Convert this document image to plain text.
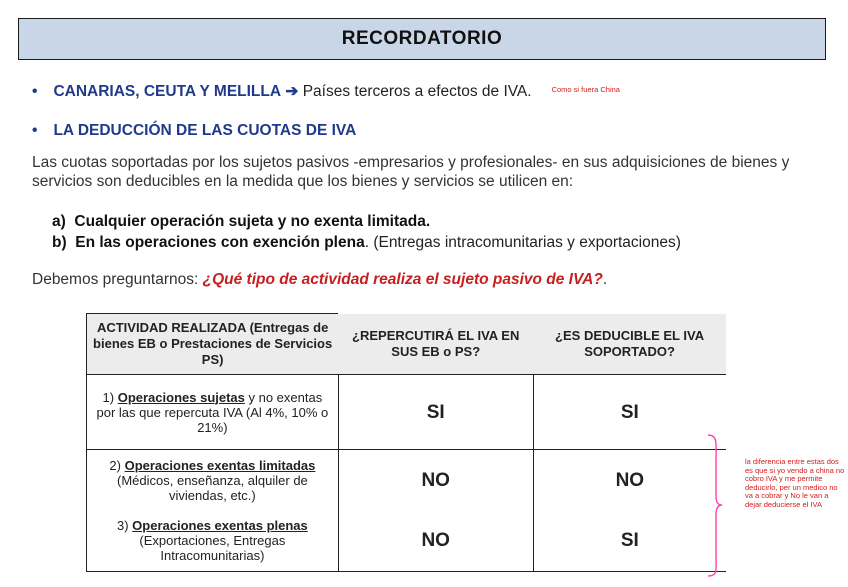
RECORDATORIO
• CANARIAS, CEUTA Y MELILLA ➔ Países terceros a efectos de IVA.	$^{Como si fuera China}$
• LA DEDUCCIÓN DE LAS CUOTAS DE IVA
Las cuotas soportadas por los sujetos pasivos -empresarios y profesionales- en sus adquisiciones de bienes y servicios son deducibles en la medida que los bienes y servicios se utilicen en:
a) Cualquier operación sujeta y no exenta limitada.
b) En las operaciones con exención plena. (Entregas intracomunitarias y exportaciones)
Debemos preguntarnos: ¿Qué tipo de actividad realiza el sujeto pasivo de IVA?.
ACTIVIDAD REALIZADA (Entregas de bienes EB o Prestaciones de Servicios PS)	¿REPERCUTIRÁ EL IVA EN SUS EB o PS?	¿ES DEDUCIBLE EL IVA SOPORTADO?
1) Operaciones sujetas y no exentas por las que repercuta IVA (Al 4%, 10% o 21%)	SI	SI
2) Operaciones exentas limitadas (Médicos, enseñanza, alquiler de viviendas, etc.)	NO	NO
3) Operaciones exentas plenas (Exportaciones, Entregas Intracomunitarias)	NO	SI
la diferencia entre estas dos es que si yo vendo a china no cobro IVA y me permite deducirlo, per un medico no va a cobrar y No le van a dejar deducierse el IVA
